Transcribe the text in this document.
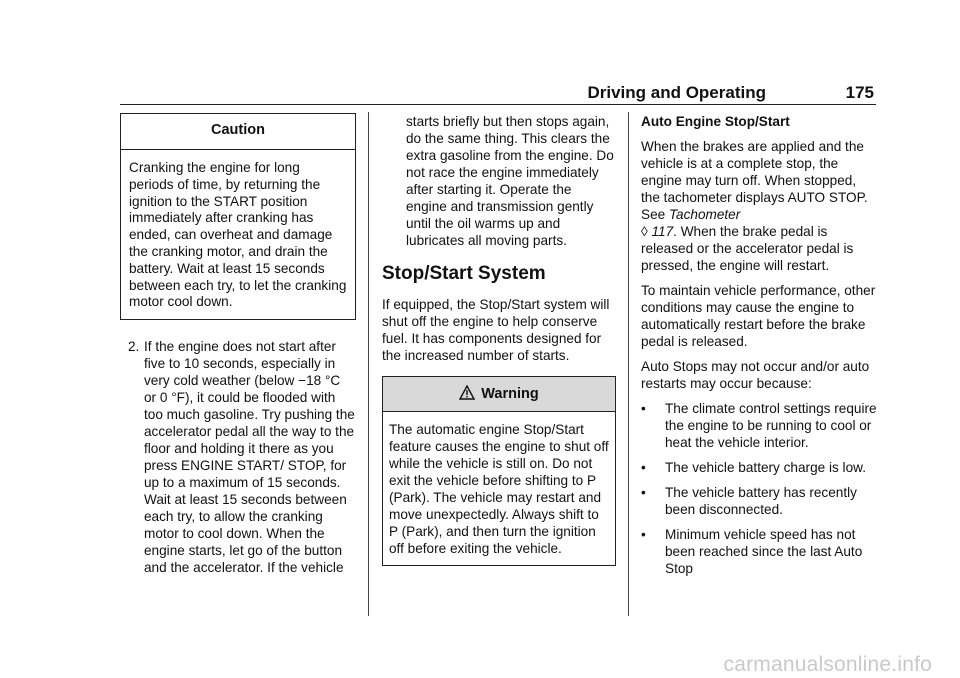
Driving and Operating	175
Caution
Cranking the engine for long periods of time, by returning the ignition to the START position immediately after cranking has ended, can overheat and damage the cranking motor, and drain the battery. Wait at least 15 seconds between each try, to let the cranking motor cool down.
2. If the engine does not start after five to 10 seconds, especially in very cold weather (below −18 °C or 0 °F), it could be flooded with too much gasoline. Try pushing the accelerator pedal all the way to the floor and holding it there as you press ENGINE START/ STOP, for up to a maximum of 15 seconds. Wait at least 15 seconds between each try, to allow the cranking motor to cool down. When the engine starts, let go of the button and the accelerator. If the vehicle
starts briefly but then stops again, do the same thing. This clears the extra gasoline from the engine. Do not race the engine immediately after starting it. Operate the engine and transmission gently until the oil warms up and lubricates all moving parts.
Stop/Start System
If equipped, the Stop/Start system will shut off the engine to help conserve fuel. It has components designed for the increased number of starts.
Warning
The automatic engine Stop/Start feature causes the engine to shut off while the vehicle is still on. Do not exit the vehicle before shifting to P (Park). The vehicle may restart and move unexpectedly. Always shift to P (Park), and then turn the ignition off before exiting the vehicle.
Auto Engine Stop/Start
When the brakes are applied and the vehicle is at a complete stop, the engine may turn off. When stopped, the tachometer displays AUTO STOP. See Tachometer
◊ 117. When the brake pedal is released or the accelerator pedal is pressed, the engine will restart.
To maintain vehicle performance, other conditions may cause the engine to automatically restart before the brake pedal is released.
Auto Stops may not occur and/or auto restarts may occur because:
• The climate control settings require the engine to be running to cool or heat the vehicle interior.
• The vehicle battery charge is low.
• The vehicle battery has recently been disconnected.
• Minimum vehicle speed has not been reached since the last Auto Stop
carmanualsonline.info
